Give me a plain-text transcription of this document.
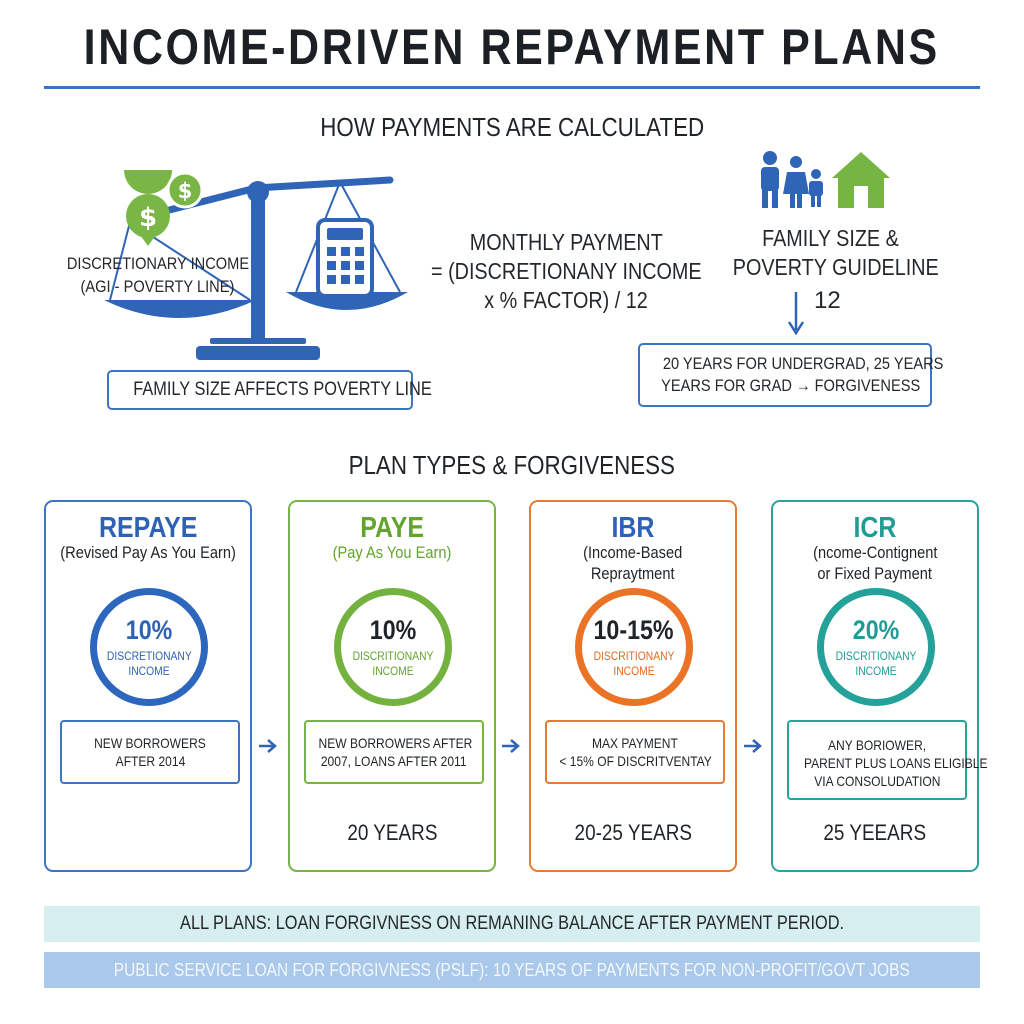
INCOME-DRIVEN REPAYMENT PLANS
HOW PAYMENTS ARE CALCULATED
$
$
DISCRETIONARY INCOME
(AGI - POVERTY LINE)
FAMILY SIZE AFFECTS POVERTY LINE
MONTHLY PAYMENT
= (DISCRETIONANY INCOME
x % FACTOR) / 12
FAMILY SIZE &
POVERTY GUIDELINE
12
20 YEARS FOR UNDERGRAD, 25 YEARS
YEARS FOR GRAD → FORGIVENESS
PLAN TYPES & FORGIVENESS
REPAYE
(Revised Pay As You Earn)
10%
DISCRETIONANY
INCOME
NEW BORROWERS
AFTER 2014
PAYE
(Pay As You Earn)
10%
DISCRITIONANY
INCOME
NEW BORROWERS AFTER
2007, LOANS AFTER 2011
20 YEARS
IBR
(Income-Based
Repraytment
10-15%
DISCRITIONANY
INCOME
MAX PAYMENT
< 15% OF DISCRITVENTAY
20-25 YEARS
ICR
(ncome-Contignent
or Fixed Payment
20%
DISCRITIONANY
INCOME
ANY BORIOWER,
PARENT PLUS LOANS ELIGIBLE
VIA CONSOLUDATION
25 YEEARS
ALL PLANS: LOAN FORGIVNESS ON REMANING BALANCE AFTER PAYMENT PERIOD.
PUBLIC SERVICE LOAN FOR FORGIVNESS (PSLF): 10 YEARS OF PAYMENTS FOR NON-PROFIT/GOVT JOBS
